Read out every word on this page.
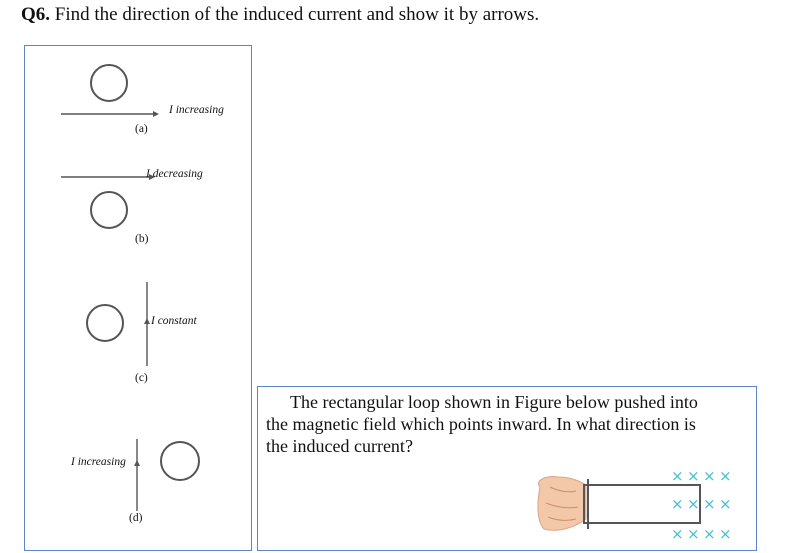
Q6. Find the direction of the induced current and show it by arrows.
I increasing
(a)
I decreasing
(b)
I constant
(c)
I increasing
(d)
The rectangular loop shown in Figure below pushed into
the magnetic field which points inward. In what direction is
the induced current?
× × × ×
× × × ×
× × × ×
